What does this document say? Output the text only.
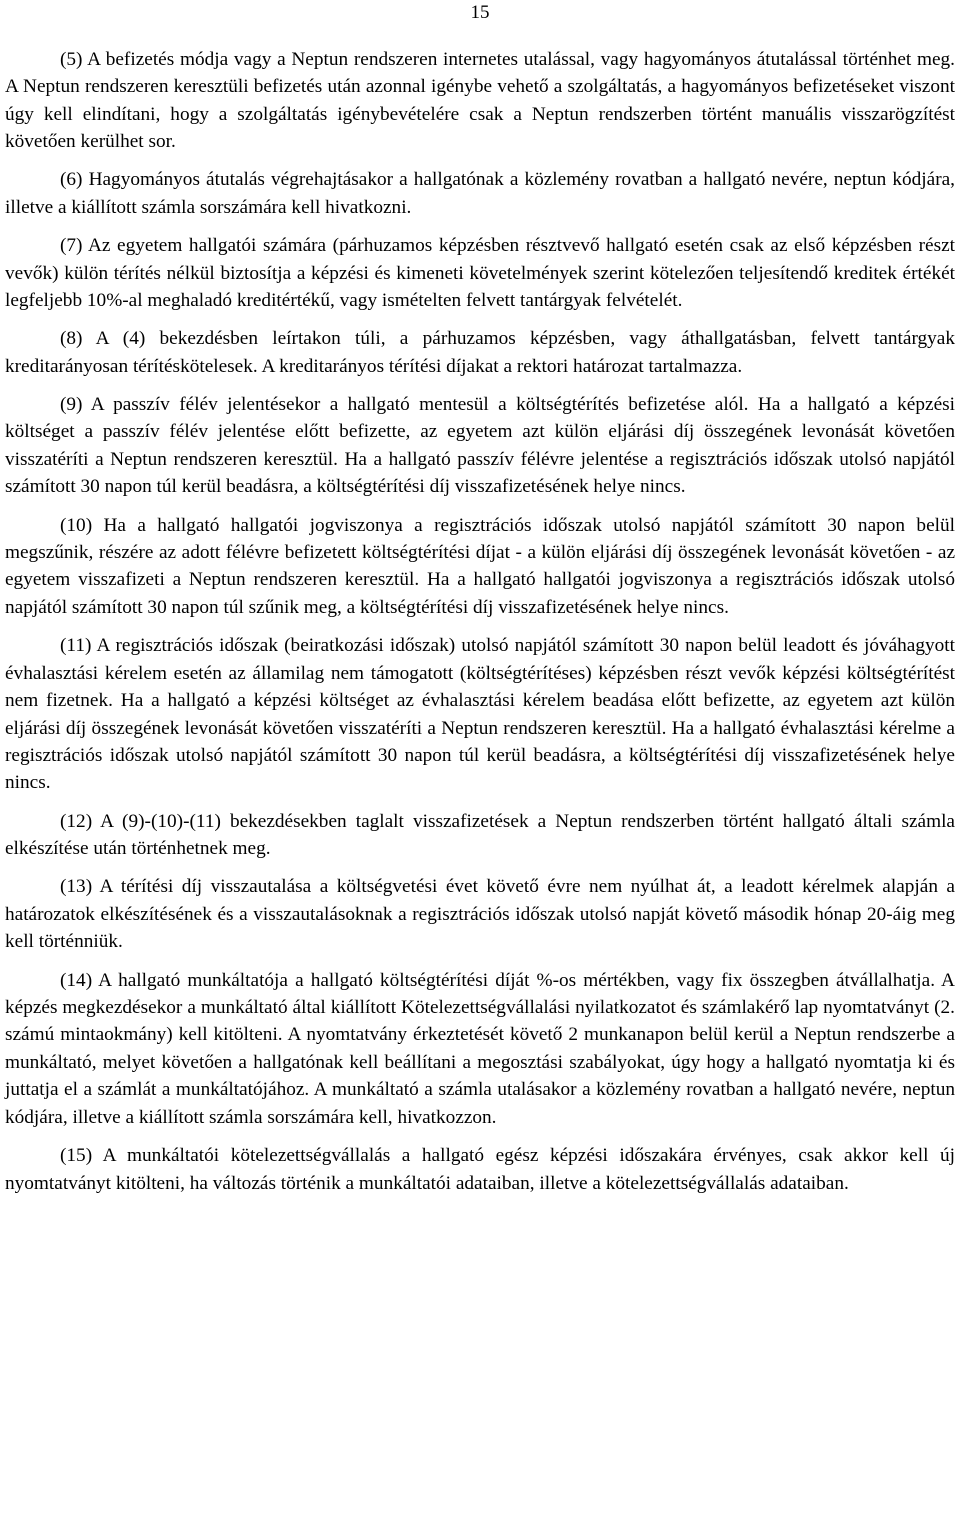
15

(5) A befizetés módja vagy a Neptun rendszeren internetes utalással, vagy hagyományos átutalással történhet meg. A Neptun rendszeren keresztüli befizetés után azonnal igénybe vehető a szolgáltatás, a hagyományos befizetéseket viszont úgy kell elindítani, hogy a szolgáltatás igénybevételére csak a Neptun rendszerben történt manuális visszarögzítést követően kerülhet sor.

(6) Hagyományos átutalás végrehajtásakor a hallgatónak a közlemény rovatban a hallgató nevére, neptun kódjára, illetve a kiállított számla sorszámára kell hivatkozni.

(7) Az egyetem hallgatói számára (párhuzamos képzésben résztvevő hallgató esetén csak az első képzésben részt vevők) külön térítés nélkül biztosítja a képzési és kimeneti követelmények szerint kötelezően teljesítendő kreditek értékét legfeljebb 10%-al meghaladó kreditértékű, vagy ismételten felvett tantárgyak felvételét.

(8) A (4) bekezdésben leírtakon túli, a párhuzamos képzésben, vagy áthallgatásban, felvett tantárgyak kreditarányosan térítéskötelesek. A kreditarányos térítési díjakat a rektori határozat tartalmazza.

(9) A passzív félév jelentésekor a hallgató mentesül a költségtérítés befizetése alól. Ha a hallgató a képzési költséget a passzív félév jelentése előtt befizette, az egyetem azt külön eljárási díj összegének levonását követően visszatéríti a Neptun rendszeren keresztül. Ha a hallgató passzív félévre jelentése a regisztrációs időszak utolsó napjától számított 30 napon túl kerül beadásra, a költségtérítési díj visszafizetésének helye nincs.

(10) Ha a hallgató hallgatói jogviszonya a regisztrációs időszak utolsó napjától számított 30 napon belül megszűnik, részére az adott félévre befizetett költségtérítési díjat - a külön eljárási díj összegének levonását követően - az egyetem visszafizeti a Neptun rendszeren keresztül. Ha a hallgató hallgatói jogviszonya a regisztrációs időszak utolsó napjától számított 30 napon túl szűnik meg, a költségtérítési díj visszafizetésének helye nincs.

(11) A regisztrációs időszak (beiratkozási időszak) utolsó napjától számított 30 napon belül leadott és jóváhagyott évhalasztási kérelem esetén az államilag nem támogatott (költségtérítéses) képzésben részt vevők képzési költségtérítést nem fizetnek. Ha a hallgató a képzési költséget az évhalasztási kérelem beadása előtt befizette, az egyetem azt külön eljárási díj összegének levonását követően visszatéríti a Neptun rendszeren keresztül. Ha a hallgató évhalasztási kérelme a regisztrációs időszak utolsó napjától számított 30 napon túl kerül beadásra, a költségtérítési díj visszafizetésének helye nincs.

(12) A (9)-(10)-(11) bekezdésekben taglalt visszafizetések a Neptun rendszerben történt hallgató általi számla elkészítése után történhetnek meg.

(13) A térítési díj visszautalása a költségvetési évet követő évre nem nyúlhat át, a leadott kérelmek alapján a határozatok elkészítésének és a visszautalásoknak a regisztrációs időszak utolsó napját követő második hónap 20-áig meg kell történniük.

(14) A hallgató munkáltatója a hallgató költségtérítési díját %-os mértékben, vagy fix összegben átvállalhatja. A képzés megkezdésekor a munkáltató által kiállított Kötelezettségvállalási nyilatkozatot és számlakérő lap nyomtatványt (2. számú mintaokmány) kell kitölteni. A nyomtatvány érkeztetését követő 2 munkanapon belül kerül a Neptun rendszerbe a munkáltató, melyet követően a hallgatónak kell beállítani a megosztási szabályokat, úgy hogy a hallgató nyomtatja ki és juttatja el a számlát a munkáltatójához. A munkáltató a számla utalásakor a közlemény rovatban a hallgató nevére, neptun kódjára, illetve a kiállított számla sorszámára kell, hivatkozzon.

(15) A munkáltatói kötelezettségvállalás a hallgató egész képzési időszakára érvényes, csak akkor kell új nyomtatványt kitölteni, ha változás történik a munkáltatói adataiban, illetve a kötelezettségvállalás adataiban.
